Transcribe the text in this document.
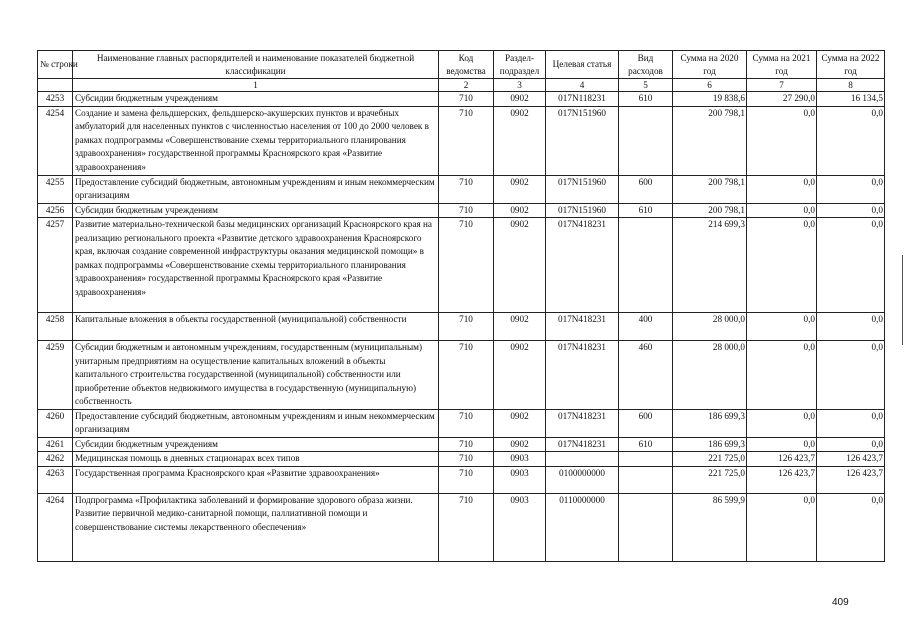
№ строки	Наименование главных распорядителей и наименование показателей бюджетной классификации	Код ведомства	Раздел-подраздел	Целевая статья	Вид расходов	Сумма на 2020 год	Сумма на 2021 год	Сумма на 2022 год
	1	2	3	4	5	6	7	8
4253	Субсидии бюджетным учреждениям	710	0902	017N118231	610	19 838,6	27 290,0	16 134,5
4254	Создание и замена фельдшерских, фельдшерско-акушерских пунктов и врачебных амбулаторий для населенных пунктов с численностью населения от 100 до 2000 человек в рамках подпрограммы «Совершенствование схемы территориального планирования здравоохранения» государственной программы Красноярского края «Развитие здравоохранения»	710	0902	017N151960		200 798,1	0,0	0,0
4255	Предоставление субсидий бюджетным, автономным учреждениям и иным некоммерческим организациям	710	0902	017N151960	600	200 798,1	0,0	0,0
4256	Субсидии бюджетным учреждениям	710	0902	017N151960	610	200 798,1	0,0	0,0
4257	Развитие материально-технической базы медицинских организаций Красноярского края на реализацию регионального проекта «Развитие детского здравоохранения Красноярского края, включая создание современной инфраструктуры оказания медицинской помощи» в рамках подпрограммы «Совершенствование схемы территориального планирования здравоохранения» государственной программы Красноярского края «Развитие здравоохранения»	710	0902	017N418231		214 699,3	0,0	0,0
4258	Капитальные вложения в объекты государственной (муниципальной) собственности	710	0902	017N418231	400	28 000,0	0,0	0,0
4259	Субсидии бюджетным и автономным учреждениям, государственным (муниципальным) унитарным предприятиям на осуществление капитальных вложений в объекты капитального строительства государственной (муниципальной) собственности или приобретение объектов недвижимого имущества в государственную (муниципальную) собственность	710	0902	017N418231	460	28 000,0	0,0	0,0
4260	Предоставление субсидий бюджетным, автономным учреждениям и иным некоммерческим организациям	710	0902	017N418231	600	186 699,3	0,0	0,0
4261	Субсидии бюджетным учреждениям	710	0902	017N418231	610	186 699,3	0,0	0,0
4262	Медицинская помощь в дневных стационарах всех типов	710	0903			221 725,0	126 423,7	126 423,7
4263	Государственная программа Красноярского края «Развитие здравоохранения»	710	0903	0100000000		221 725,0	126 423,7	126 423,7
4264	Подпрограмма «Профилактика заболеваний и формирование здорового образа жизни. Развитие первичной медико-санитарной помощи, паллиативной помощи и совершенствование системы лекарственного обеспечения»	710	0903	0110000000		86 599,9	0,0	0,0
409
